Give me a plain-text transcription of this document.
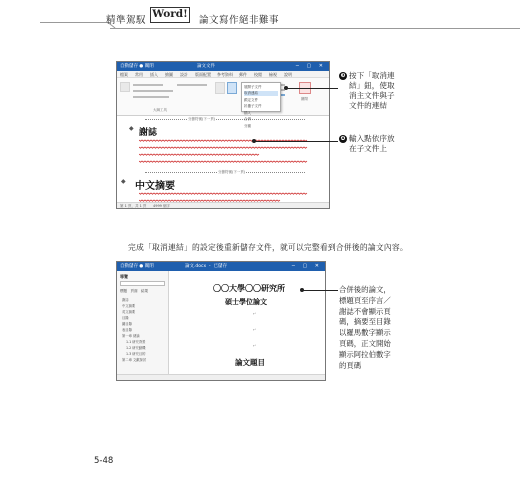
精準駕馭
Word!
論文寫作絕非難事
自動儲存 ● 關閉	論文文件	─ ▢ ✕
檔案 常用 插入 繪圖 設計 版面配置 參考資料 郵件 校閱 檢視 說明
大綱工具
關閉
展開子文件
取消連結
鎖定文件
折疊子文件
插入
合併
分割
分節符號(下一頁)
◆ 謝誌
分節符號(下一頁)
◆ 中文摘要
第 1 頁，共 1 頁 4999 個字
❸ 按下「取消連
結」鈕，使取
消主文件與子
文件的連結
❹ 輸入點依序放
在子文件上

完成「取消連結」的設定後重新儲存文件，就可以完整看到合併後的論文內容。

自動儲存 ● 關閉	論文.docx ・ 已儲存	─ ▢ ✕
導覽
標題　頁面　結果
謝誌
中文摘要
英文摘要
目錄
圖目錄
表目錄
第一章 緒論
1.1 研究背景
1.2 研究動機
1.3 研究目的
第二章 文獻探討
〇〇大學〇〇研究所
碩士學位論文
↵
↵
↵
論文題目
合併後的論文，
標題頁至序言／
謝誌不會顯示頁
碼，摘要至目錄
以羅馬數字顯示
頁碼，正文開始
顯示阿拉伯數字
的頁碼
5-48
